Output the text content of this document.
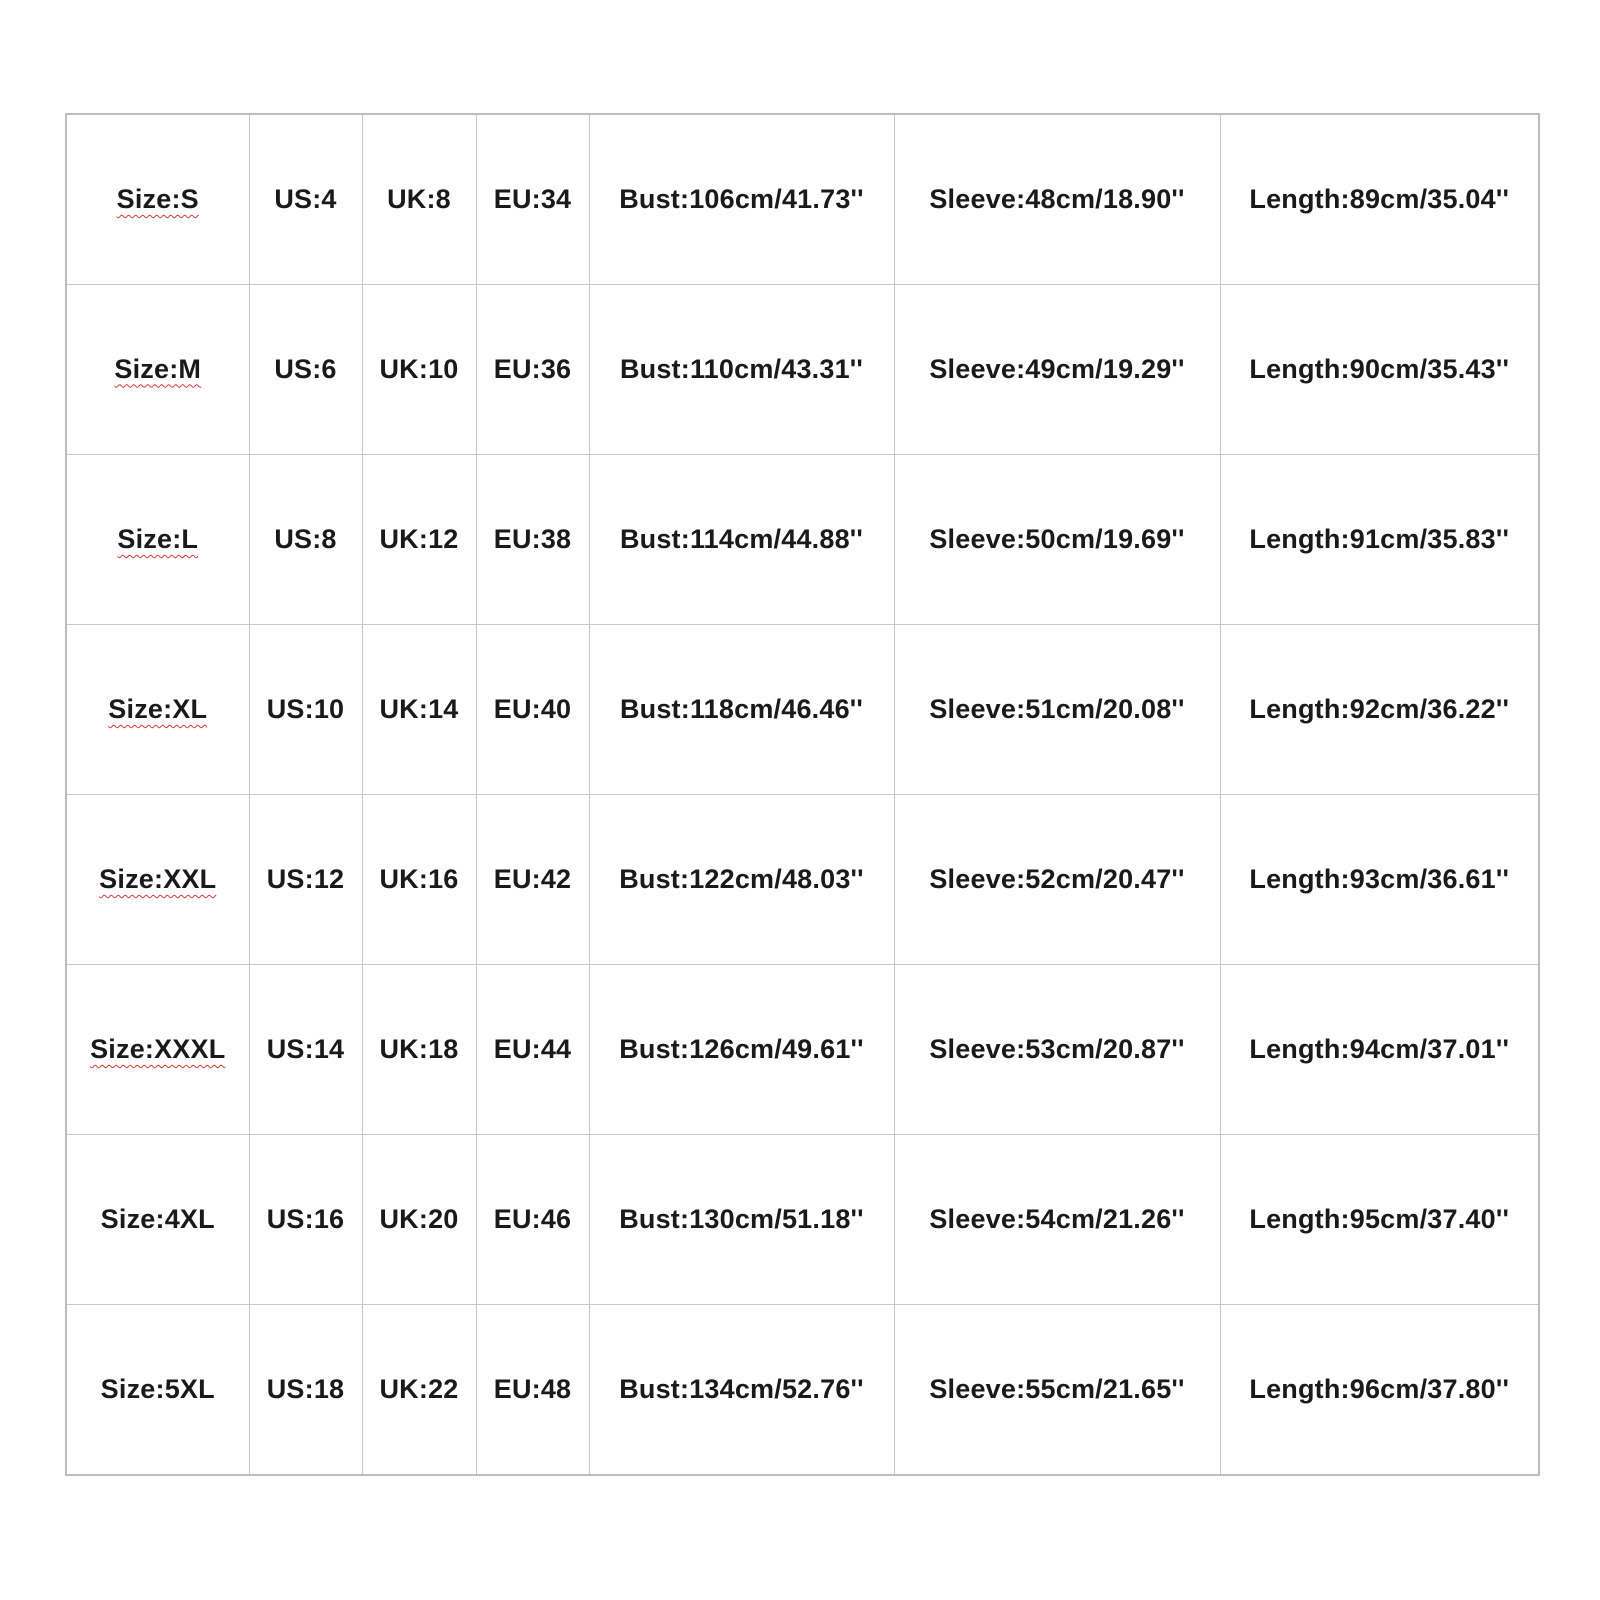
Size:S	US:4	UK:8	EU:34	Bust:106cm/41.73''	Sleeve:48cm/18.90''	Length:89cm/35.04''
Size:M	US:6	UK:10	EU:36	Bust:110cm/43.31''	Sleeve:49cm/19.29''	Length:90cm/35.43''
Size:L	US:8	UK:12	EU:38	Bust:114cm/44.88''	Sleeve:50cm/19.69''	Length:91cm/35.83''
Size:XL	US:10	UK:14	EU:40	Bust:118cm/46.46''	Sleeve:51cm/20.08''	Length:92cm/36.22''
Size:XXL	US:12	UK:16	EU:42	Bust:122cm/48.03''	Sleeve:52cm/20.47''	Length:93cm/36.61''
Size:XXXL	US:14	UK:18	EU:44	Bust:126cm/49.61''	Sleeve:53cm/20.87''	Length:94cm/37.01''
Size:4XL	US:16	UK:20	EU:46	Bust:130cm/51.18''	Sleeve:54cm/21.26''	Length:95cm/37.40''
Size:5XL	US:18	UK:22	EU:48	Bust:134cm/52.76''	Sleeve:55cm/21.65''	Length:96cm/37.80''
